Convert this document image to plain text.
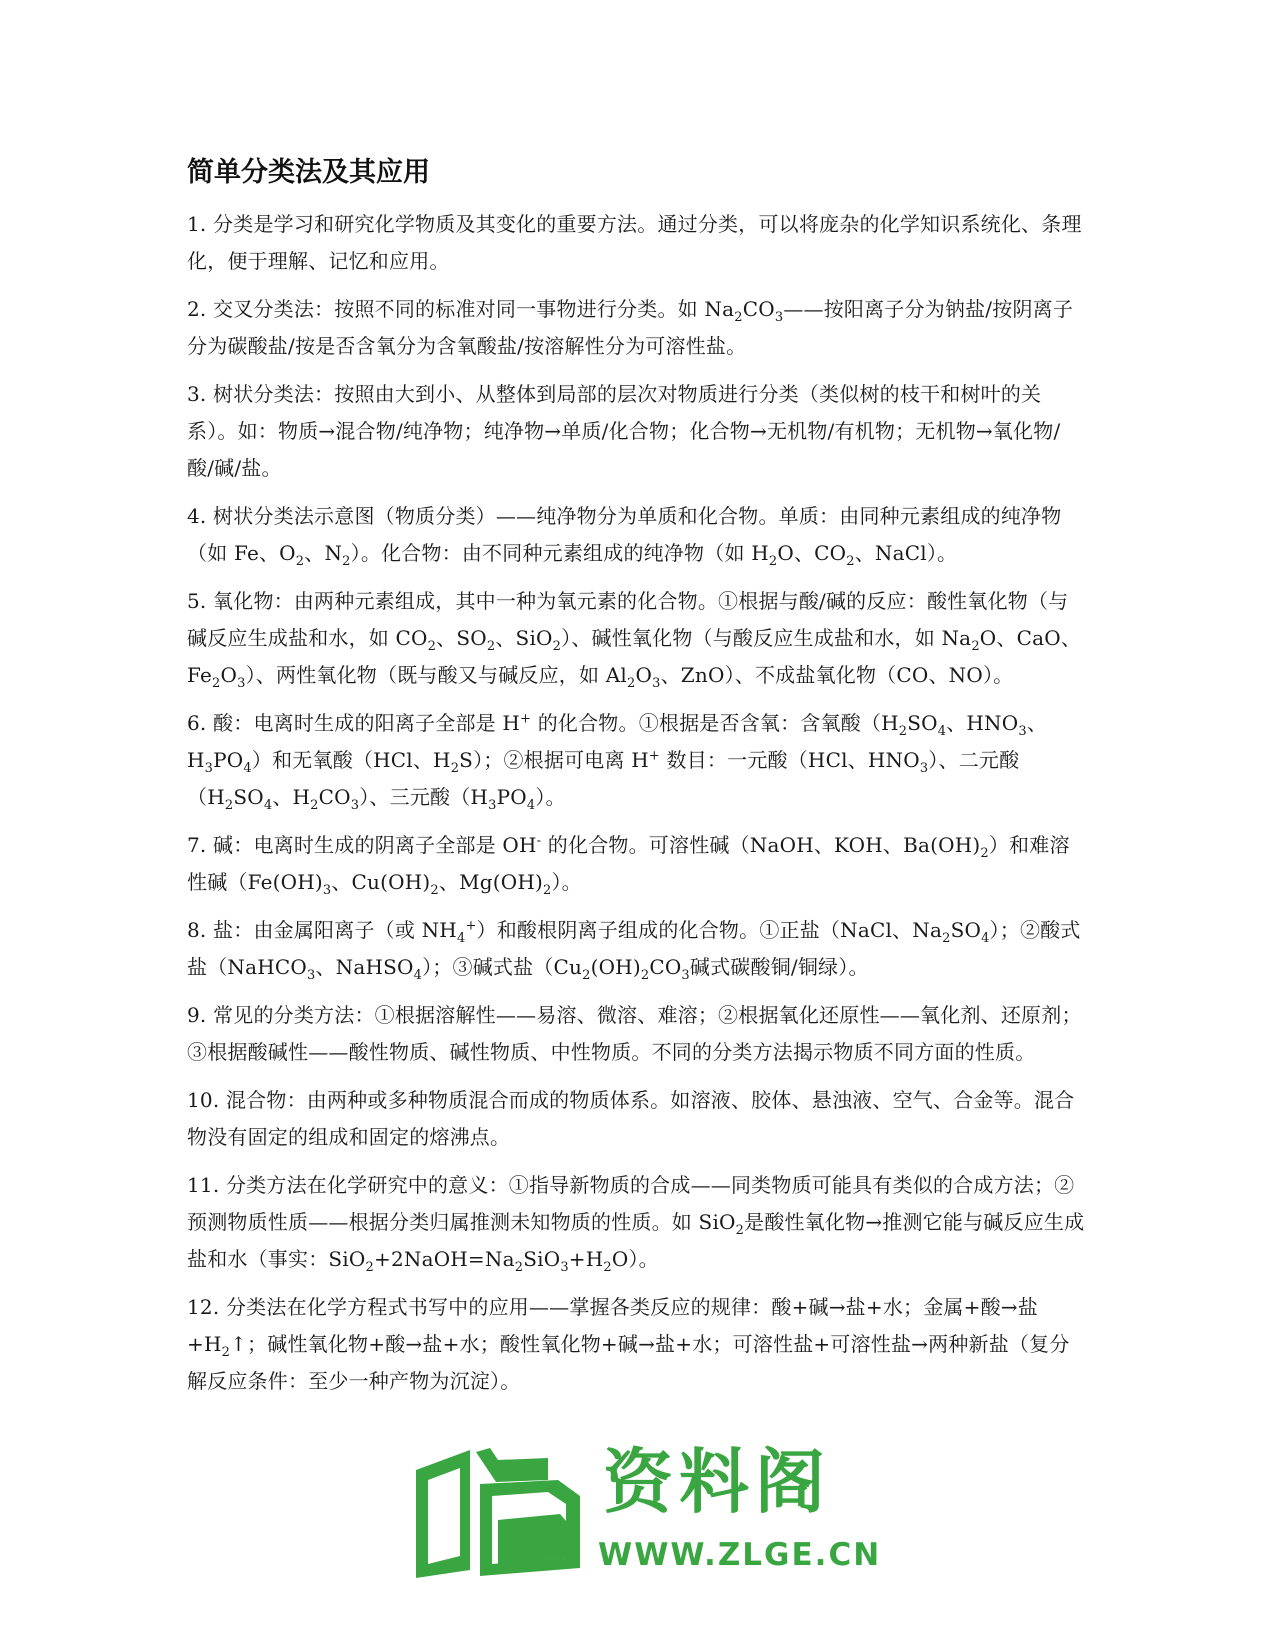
简单分类法及其应用

1. 分类是学习和研究化学物质及其变化的重要方法。通过分类，可以将庞杂的化学知识系统化、条理化，便于理解、记忆和应用。

2. 交叉分类法：按照不同的标准对同一事物进行分类。如 $Na_2CO_3——$按阳离子分为钠盐/按阴离子分为碳酸盐/按是否含氧分为含氧酸盐/按溶解性分为可溶性盐。

3. 树状分类法：按照由大到小、从整体到局部的层次对物质进行分类（类似树的枝干和树叶的关系）。如：物质→混合物/纯净物；纯净物→单质/化合物；化合物→无机物/有机物；无机物→氧化物/酸/碱/盐。

4. 树状分类法示意图（物质分类）——纯净物分为单质和化合物。单质：由同种元素组成的纯净物（如 Fe、$O_2$、$N_2$）。化合物：由不同种元素组成的纯净物（如 $H_2O$、$CO_2$、NaCl）。

5. 氧化物：由两种元素组成，其中一种为氧元素的化合物。①根据与酸/碱的反应：酸性氧化物（与碱反应生成盐和水，如 $CO_2$、$SO_2$、SiO$_2$）、碱性氧化物（与酸反应生成盐和水，如 $Na_2O$、CaO、$Fe_2O_3$）、两性氧化物（既与酸又与碱反应，如 $Al_2O_3$、ZnO）、不成盐氧化物（CO、NO）。

6. 酸：电离时生成的阳离子全部是 H+ 的化合物。①根据是否含氧：含氧酸（$H_2SO_4$、$HNO_3$、$H_3PO_4$）和无氧酸（HCl、$H_2S$）；②根据可电离 H+ 数目：一元酸（HCl、$HNO_3$）、二元酸（$H_2SO_4$、$H_2CO_3$）、三元酸$(H_3PO_4)$。

7. 碱：电离时生成的阴离子全部是 OH- 的化合物。可溶性碱（NaOH、KOH、$Ba(OH)_2$）和难溶性碱（$Fe(OH)_3$、$Cu(OH)_2$、$Mg(OH)_2$）。

8. 盐：由金属阳离子（或 $NH_4^+$）和酸根阴离子组成的化合物。①正盐（NaCl、$Na_2SO_4$）；②酸式盐（NaHCO$_3$、NaHSO$_4$）；③碱式盐（$Cu_2(OH)_2CO_3$碱式碳酸铜/铜绿）。

9. 常见的分类方法：①根据溶解性——易溶、微溶、难溶；②根据氧化还原性——氧化剂、还原剂；③根据酸碱性——酸性物质、碱性物质、中性物质。不同的分类方法揭示物质不同方面的性质。

10. 混合物：由两种或多种物质混合而成的物质体系。如溶液、胶体、悬浊液、空气、合金等。混合物没有固定的组成和固定的熔沸点。

11. 分类方法在化学研究中的意义：①指导新物质的合成——同类物质可能具有类似的合成方法；②预测物质性质——根据分类归属推测未知物质的性质。如 SiO$_2$是酸性氧化物→推测它能与碱反应生成盐和水（事实：$SiO_2+2NaOH=Na_2SiO_3+H_2O$）。

12. 分类法在化学方程式书写中的应用——掌握各类反应的规律：酸+碱→盐+水；金属+酸→盐$+H_2↑$；碱性氧化物+酸→盐+水；酸性氧化物+碱→盐+水；可溶性盐+可溶性盐→两种新盐（复分解反应条件：至少一种产物为沉淀）。

资料阁
WWW.ZLGE.CN
